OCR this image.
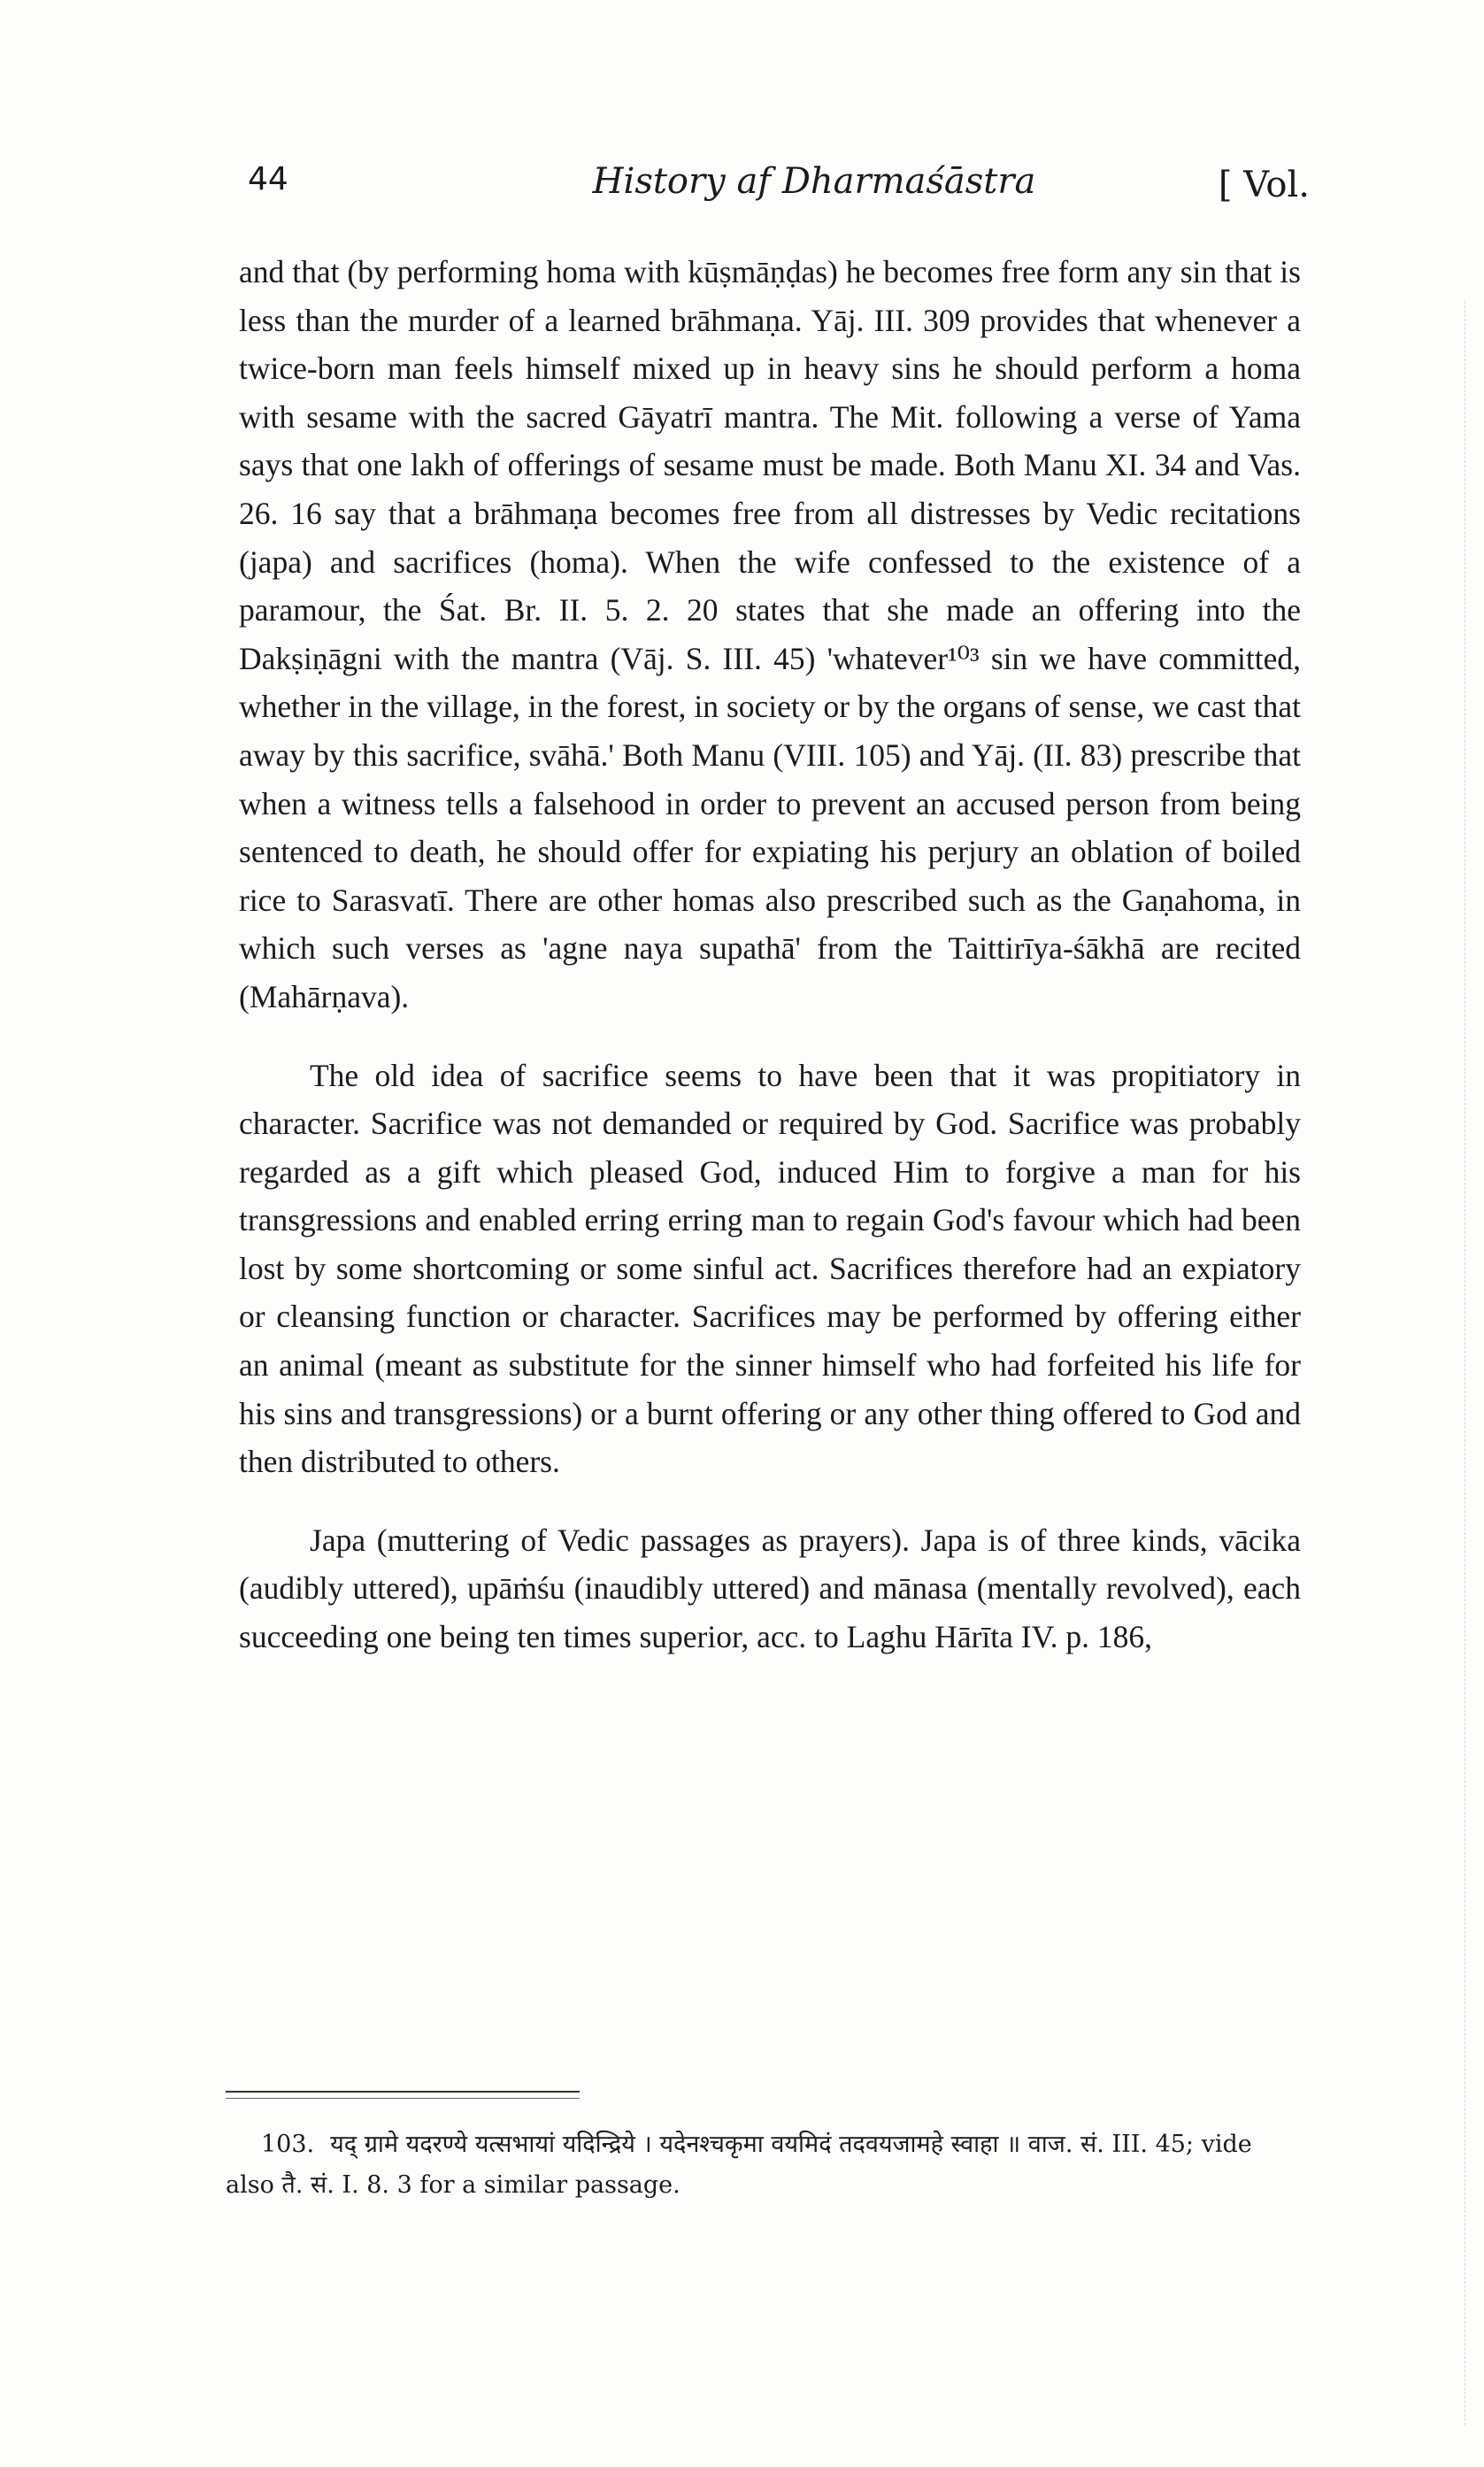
44	History af Dharmaśāstra	[ Vol.

and that (by performing homa with kūṣmāṇḍas) he becomes free form any sin that is less than the murder of a learned brāhmaṇa. Yāj. III. 309 provides that whenever a twice-born man feels himself mixed up in heavy sins he should perform a homa with sesame with the sacred Gāyatrī mantra. The Mit. following a verse of Yama says that one lakh of offerings of sesame must be made. Both Manu XI. 34 and Vas. 26. 16 say that a brāhmaṇa becomes free from all distresses by Vedic recitations (japa) and sacrifices (homa). When the wife confessed to the existence of a paramour, the Śat. Br. II. 5. 2. 20 states that she made an offering into the Dakṣiṇāgni with the mantra (Vāj. S. III. 45) 'whatever¹⁰³ sin we have committed, whether in the village, in the forest, in society or by the organs of sense, we cast that away by this sacrifice, svāhā.' Both Manu (VIII. 105) and Yāj. (II. 83) prescribe that when a witness tells a falsehood in order to prevent an accused person from being sentenced to death, he should offer for expiating his perjury an oblation of boiled rice to Sarasvatī. There are other homas also prescribed such as the Gaṇahoma, in which such verses as 'agne naya supathā' from the Taittirīya-śākhā are recited (Mahārṇava).

The old idea of sacrifice seems to have been that it was propitiatory in character. Sacrifice was not demanded or required by God. Sacrifice was probably regarded as a gift which pleased God, induced Him to forgive a man for his transgressions and enabled erring erring man to regain God's favour which had been lost by some shortcoming or some sinful act. Sacrifices therefore had an expiatory or cleansing function or character. Sacrifices may be performed by offering either an animal (meant as substitute for the sinner himself who had forfeited his life for his sins and transgressions) or a burnt offering or any other thing offered to God and then distributed to others.

Japa (muttering of Vedic passages as prayers). Japa is of three kinds, vācika (audibly uttered), upāṁśu (inaudibly uttered) and mānasa (mentally revolved), each succeeding one being ten times superior, acc. to Laghu Hārīta IV. p. 186,

103. यद् ग्रामे यदरण्ये यत्सभायां यदिन्द्रिये । यदेनश्चकृमा वयमिदं तदवयजामहे स्वाहा ॥ वाज. सं. III. 45; vide also तै. सं. I. 8. 3 for a similar passage.
